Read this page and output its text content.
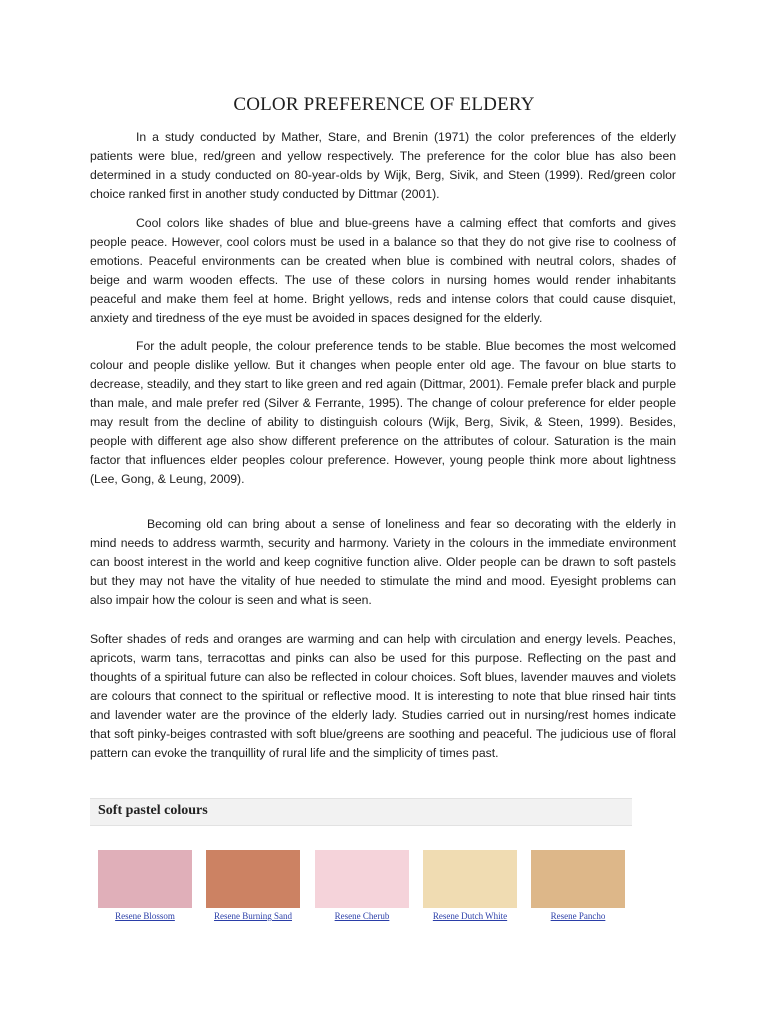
COLOR PREFERENCE OF ELDERY

In a study conducted by Mather, Stare, and Brenin (1971) the color preferences of the elderly patients were blue, red/green and yellow respectively. The preference for the color blue has also been determined in a study conducted on 80-year-olds by Wijk, Berg, Sivik, and Steen (1999). Red/green color choice ranked first in another study conducted by Dittmar (2001).

Cool colors like shades of blue and blue-greens have a calming effect that comforts and gives people peace. However, cool colors must be used in a balance so that they do not give rise to coolness of emotions. Peaceful environments can be created when blue is combined with neutral colors, shades of beige and warm wooden effects. The use of these colors in nursing homes would render inhabitants peaceful and make them feel at home. Bright yellows, reds and intense colors that could cause disquiet, anxiety and tiredness of the eye must be avoided in spaces designed for the elderly.

For the adult people, the colour preference tends to be stable. Blue becomes the most welcomed colour and people dislike yellow. But it changes when people enter old age. The favour on blue starts to decrease, steadily, and they start to like green and red again (Dittmar, 2001). Female prefer black and purple than male, and male prefer red (Silver & Ferrante, 1995). The change of colour preference for elder people may result from the decline of ability to distinguish colours (Wijk, Berg, Sivik, & Steen, 1999). Besides, people with different age also show different preference on the attributes of colour. Saturation is the main factor that influences elder peoples colour preference. However, young people think more about lightness (Lee, Gong, & Leung, 2009).

Becoming old can bring about a sense of loneliness and fear so decorating with the elderly in mind needs to address warmth, security and harmony. Variety in the colours in the immediate environment can boost interest in the world and keep cognitive function alive. Older people can be drawn to soft pastels but they may not have the vitality of hue needed to stimulate the mind and mood. Eyesight problems can also impair how the colour is seen and what is seen.

Softer shades of reds and oranges are warming and can help with circulation and energy levels. Peaches, apricots, warm tans, terracottas and pinks can also be used for this purpose. Reflecting on the past and thoughts of a spiritual future can also be reflected in colour choices. Soft blues, lavender mauves and violets are colours that connect to the spiritual or reflective mood. It is interesting to note that blue rinsed hair tints and lavender water are the province of the elderly lady. Studies carried out in nursing/rest homes indicate that soft pinky-beiges contrasted with soft blue/greens are soothing and peaceful. The judicious use of floral pattern can evoke the tranquillity of rural life and the simplicity of times past.

Soft pastel colours
Resene Blossom	Resene Burning Sand	Resene Cherub	Resene Dutch White	Resene Pancho
